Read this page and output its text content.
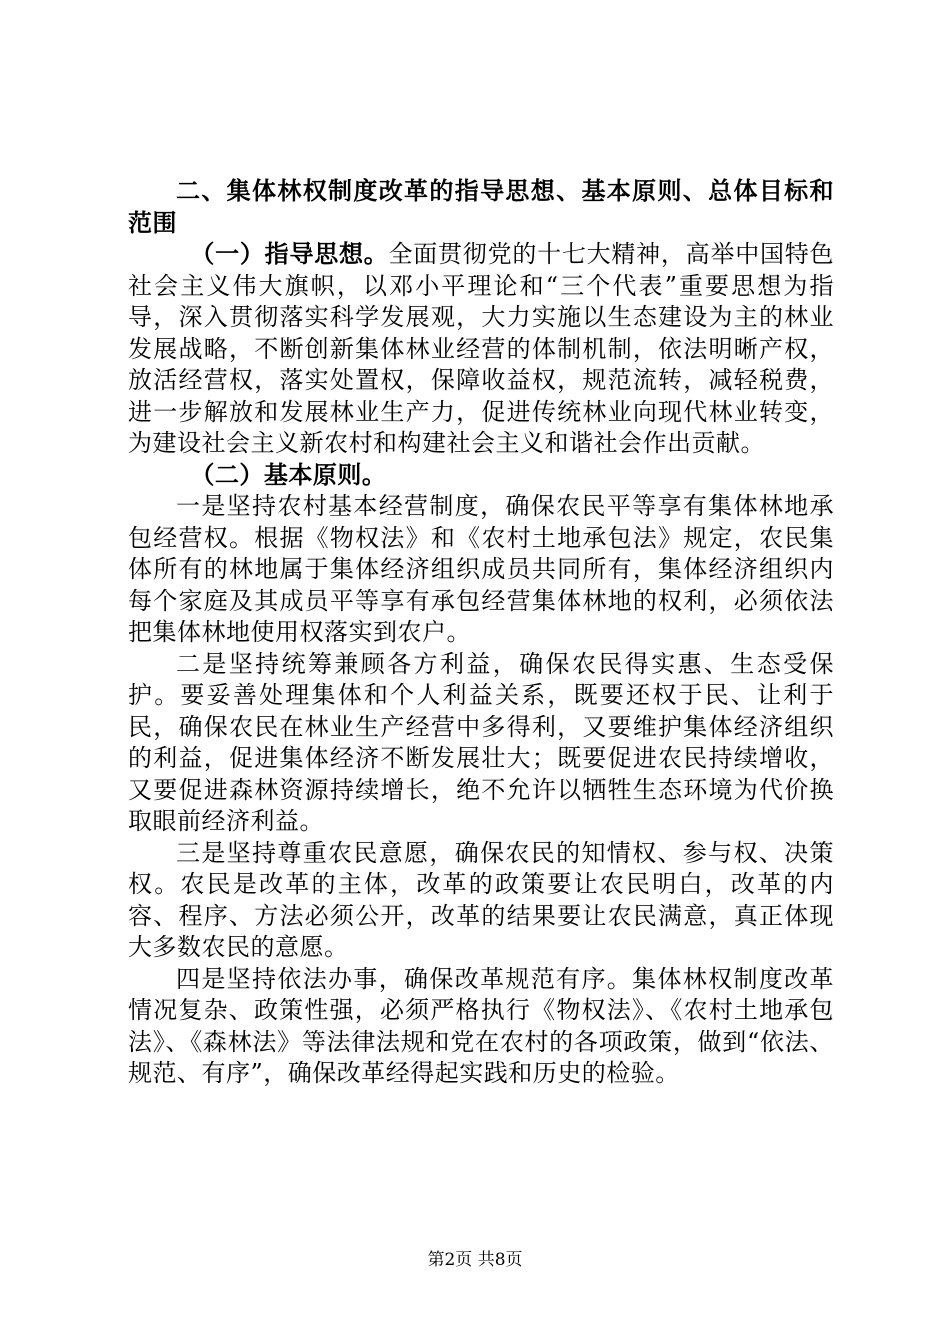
二、集体林权制度改革的指导思想、基本原则、总体目标和范围

（一）指导思想。全面贯彻党的十七大精神，高举中国特色社会主义伟大旗帜，以邓小平理论和“三个代表”重要思想为指导，深入贯彻落实科学发展观，大力实施以生态建设为主的林业发展战略，不断创新集体林业经营的体制机制，依法明晰产权，放活经营权，落实处置权，保障收益权，规范流转，减轻税费，进一步解放和发展林业生产力，促进传统林业向现代林业转变，为建设社会主义新农村和构建社会主义和谐社会作出贡献。

（二）基本原则。

一是坚持农村基本经营制度，确保农民平等享有集体林地承包经营权。根据《物权法》和《农村土地承包法》规定，农民集体所有的林地属于集体经济组织成员共同所有，集体经济组织内每个家庭及其成员平等享有承包经营集体林地的权利，必须依法把集体林地使用权落实到农户。

二是坚持统筹兼顾各方利益，确保农民得实惠、生态受保护。要妥善处理集体和个人利益关系，既要还权于民、让利于民，确保农民在林业生产经营中多得利，又要维护集体经济组织的利益，促进集体经济不断发展壮大；既要促进农民持续增收，又要促进森林资源持续增长，绝不允许以牺牲生态环境为代价换取眼前经济利益。

三是坚持尊重农民意愿，确保农民的知情权、参与权、决策权。农民是改革的主体，改革的政策要让农民明白，改革的内容、程序、方法必须公开，改革的结果要让农民满意，真正体现大多数农民的意愿。

四是坚持依法办事，确保改革规范有序。集体林权制度改革情况复杂、政策性强，必须严格执行《物权法》、《农村土地承包法》、《森林法》等法律法规和党在农村的各项政策，做到“依法、规范、有序”，确保改革经得起实践和历史的检验。

第2页 共8页
